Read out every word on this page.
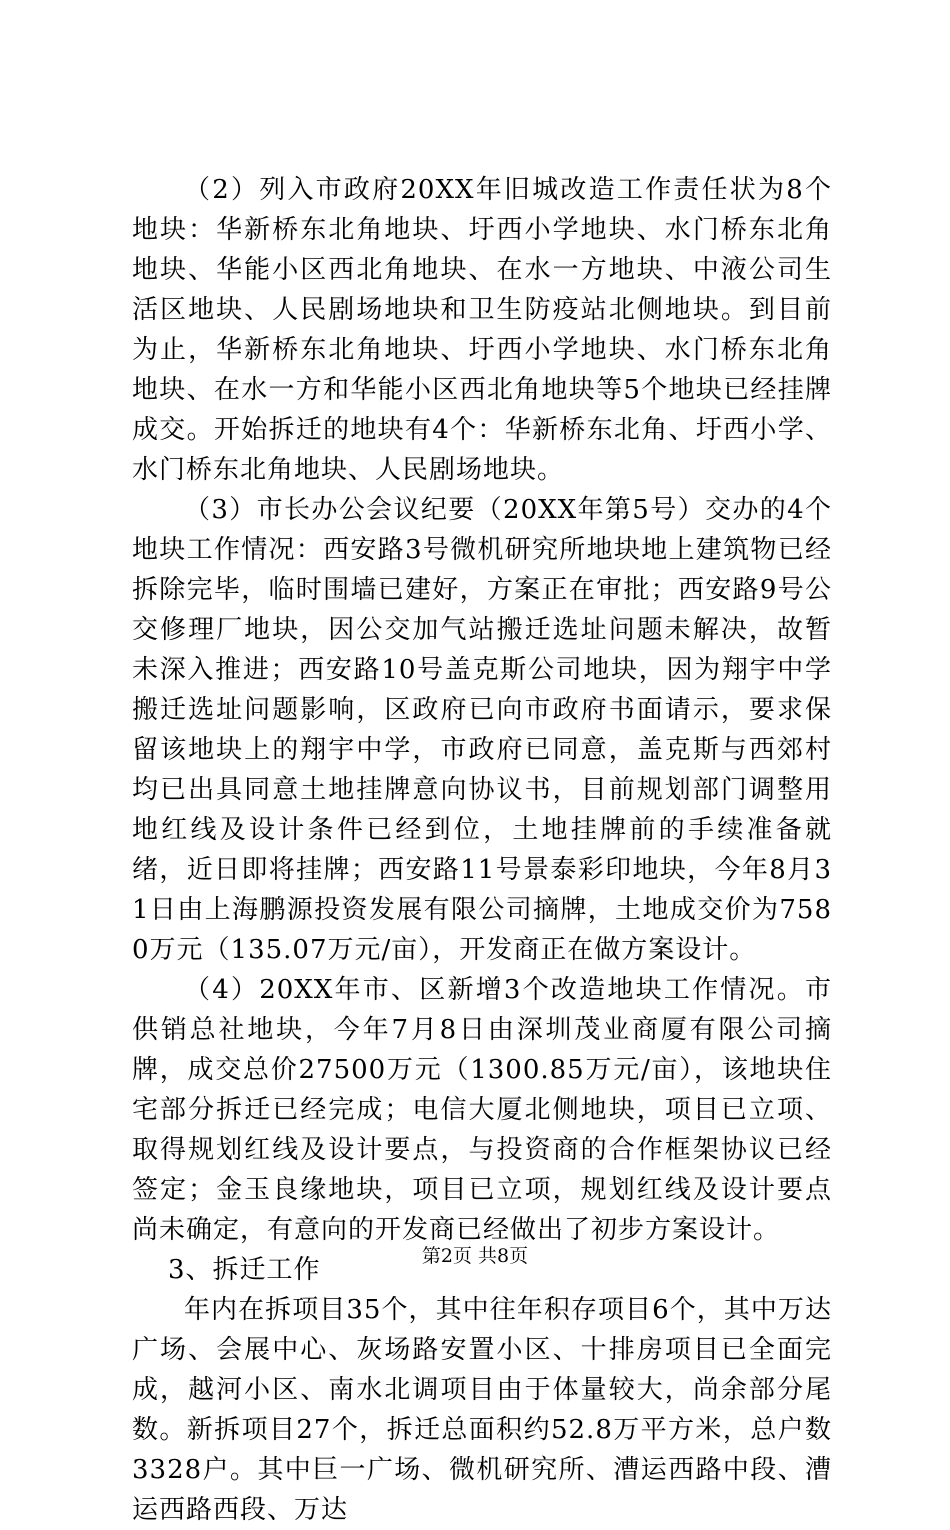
（2）列入市政府20XX年旧城改造工作责任状为8个地块：华新桥东北角地块、圩西小学地块、水门桥东北角地块、华能小区西北角地块、在水一方地块、中液公司生活区地块、人民剧场地块和卫生防疫站北侧地块。到目前为止，华新桥东北角地块、圩西小学地块、水门桥东北角地块、在水一方和华能小区西北角地块等5个地块已经挂牌成交。开始拆迁的地块有4个：华新桥东北角、圩西小学、水门桥东北角地块、人民剧场地块。

（3）市长办公会议纪要（20XX年第5号）交办的4个地块工作情况：西安路3号微机研究所地块地上建筑物已经拆除完毕，临时围墙已建好，方案正在审批；西安路9号公交修理厂地块，因公交加气站搬迁选址问题未解决，故暂未深入推进；西安路10号盖克斯公司地块，因为翔宇中学搬迁选址问题影响，区政府已向市政府书面请示，要求保留该地块上的翔宇中学，市政府已同意，盖克斯与西郊村均已出具同意土地挂牌意向协议书，目前规划部门调整用地红线及设计条件已经到位，土地挂牌前的手续准备就绪，近日即将挂牌；西安路11号景泰彩印地块，今年8月31日由上海鹏源投资发展有限公司摘牌，土地成交价为7580万元（135.07万元/亩），开发商正在做方案设计。

（4）20XX年市、区新增3个改造地块工作情况。市供销总社地块，今年7月8日由深圳茂业商厦有限公司摘牌，成交总价27500万元（1300.85万元/亩），该地块住宅部分拆迁已经完成；电信大厦北侧地块，项目已立项、取得规划红线及设计要点，与投资商的合作框架协议已经签定；金玉良缘地块，项目已立项，规划红线及设计要点尚未确定，有意向的开发商已经做出了初步方案设计。

3、拆迁工作

年内在拆项目35个，其中往年积存项目6个，其中万达广场、会展中心、灰场路安置小区、十排房项目已全面完成，越河小区、南水北调项目由于体量较大，尚余部分尾数。新拆项目27个，拆迁总面积约52.8万平方米，总户数3328户。其中巨一广场、微机研究所、漕运西路中段、漕运西路西段、万达

第2页 共8页
